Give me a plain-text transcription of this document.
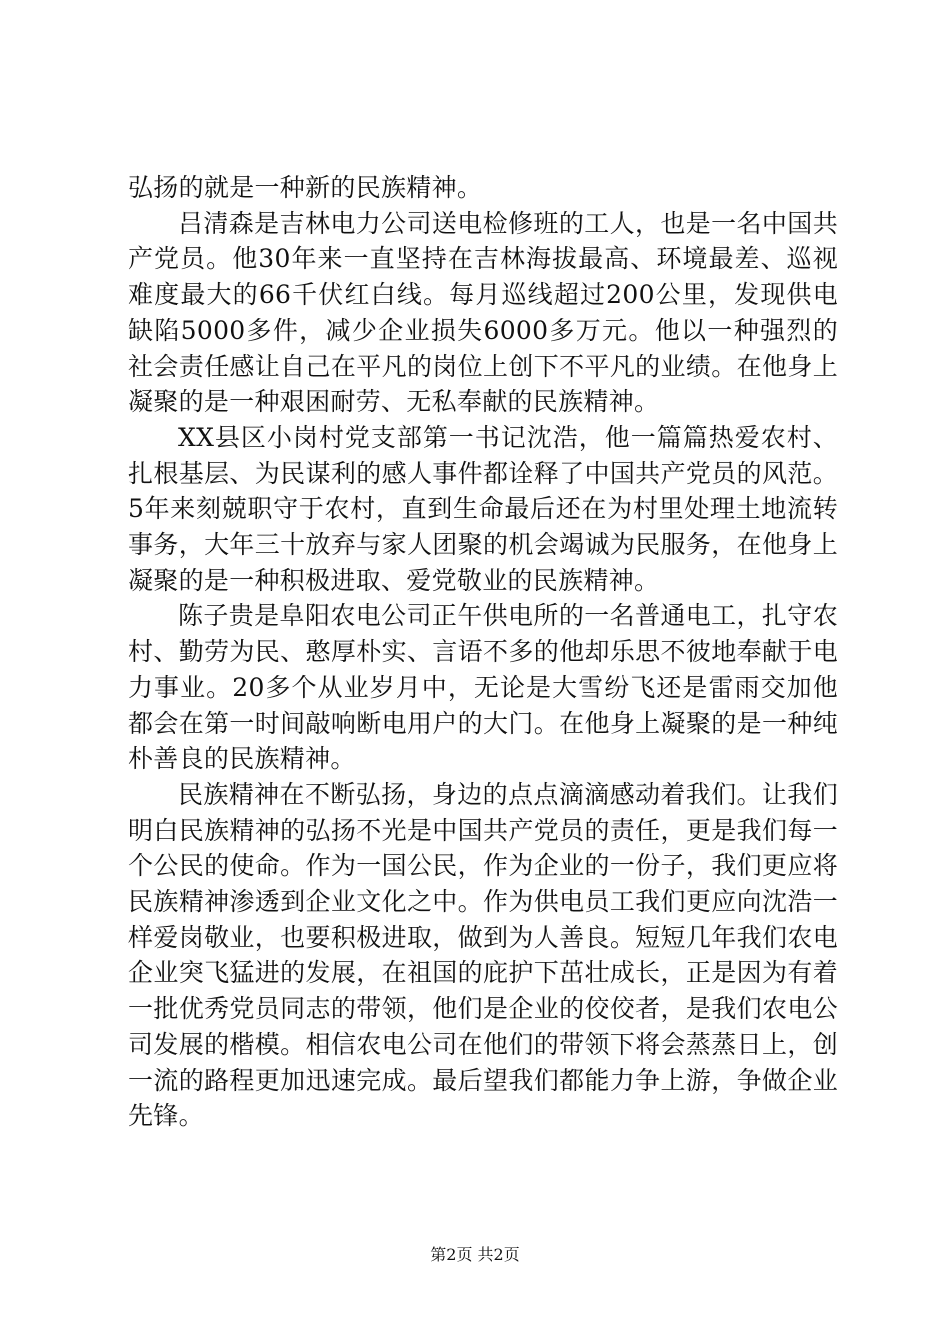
弘扬的就是一种新的民族精神。

吕清森是吉林电力公司送电检修班的工人，也是一名中国共产党员。他30年来一直坚持在吉林海拔最高、环境最差、巡视难度最大的66千伏红白线。每月巡线超过200公里，发现供电缺陷5000多件，减少企业损失6000多万元。他以一种强烈的社会责任感让自己在平凡的岗位上创下不平凡的业绩。在他身上凝聚的是一种艰困耐劳、无私奉献的民族精神。

XX县区小岗村党支部第一书记沈浩，他一篇篇热爱农村、扎根基层、为民谋利的感人事件都诠释了中国共产党员的风范。5年来刻兢职守于农村，直到生命最后还在为村里处理土地流转事务，大年三十放弃与家人团聚的机会竭诚为民服务，在他身上凝聚的是一种积极进取、爱党敬业的民族精神。

陈子贵是阜阳农电公司正午供电所的一名普通电工，扎守农村、勤劳为民、憨厚朴实、言语不多的他却乐思不彼地奉献于电力事业。20多个从业岁月中，无论是大雪纷飞还是雷雨交加他都会在第一时间敲响断电用户的大门。在他身上凝聚的是一种纯朴善良的民族精神。

民族精神在不断弘扬，身边的点点滴滴感动着我们。让我们明白民族精神的弘扬不光是中国共产党员的责任，更是我们每一个公民的使命。作为一国公民，作为企业的一份子，我们更应将民族精神渗透到企业文化之中。作为供电员工我们更应向沈浩一样爱岗敬业，也要积极进取，做到为人善良。短短几年我们农电企业突飞猛进的发展，在祖国的庇护下茁壮成长，正是因为有着一批优秀党员同志的带领，他们是企业的佼佼者，是我们农电公司发展的楷模。相信农电公司在他们的带领下将会蒸蒸日上，创一流的路程更加迅速完成。最后望我们都能力争上游，争做企业先锋。

第2页 共2页
